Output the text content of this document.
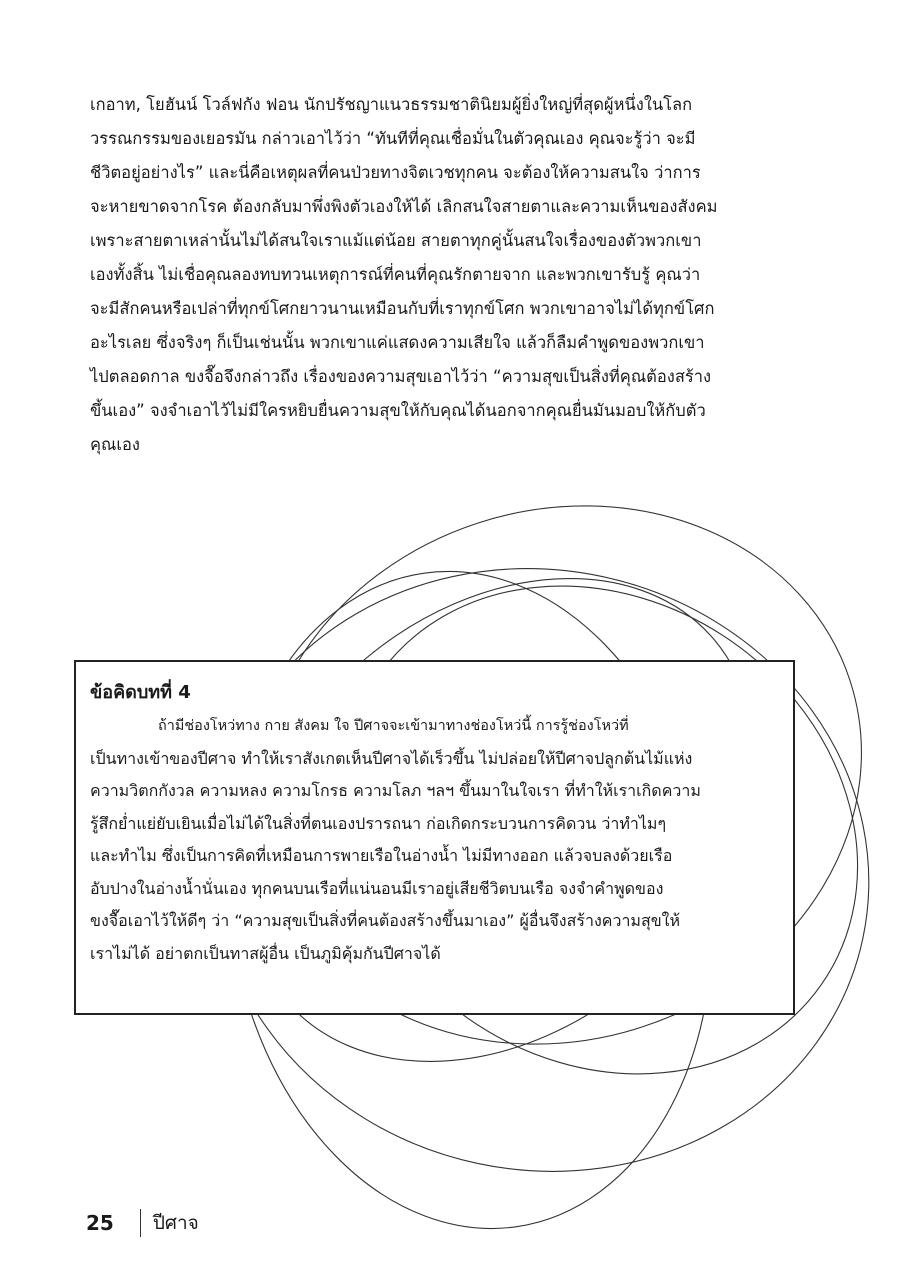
เกอาท, โยฮันน์ โวล์ฟกัง ฟอน นักปรัชญาแนวธรรมชาตินิยมผู้ยิ่งใหญ่ที่สุดผู้หนึ่งในโลก
วรรณกรรมของเยอรมัน กล่าวเอาไว้ว่า “ทันทีที่คุณเชื่อมั่นในตัวคุณเอง คุณจะรู้ว่า จะมี
ชีวิตอยู่อย่างไร” และนี่คือเหตุผลที่คนป่วยทางจิตเวชทุกคน จะต้องให้ความสนใจ ว่าการ
จะหายขาดจากโรค ต้องกลับมาพึ่งพิงตัวเองให้ได้ เลิกสนใจสายตาและความเห็นของสังคม
เพราะสายตาเหล่านั้นไม่ได้สนใจเราแม้แต่น้อย สายตาทุกคู่นั้นสนใจเรื่องของตัวพวกเขา
เองทั้งสิ้น ไม่เชื่อคุณลองทบทวนเหตุการณ์ที่คนที่คุณรักตายจาก และพวกเขารับรู้ คุณว่า
จะมีสักคนหรือเปล่าที่ทุกข์โศกยาวนานเหมือนกับที่เราทุกข์โศก พวกเขาอาจไม่ได้ทุกข์โศก
อะไรเลย ซึ่งจริงๆ ก็เป็นเช่นนั้น พวกเขาแค่แสดงความเสียใจ แล้วก็ลืมคำพูดของพวกเขา
ไปตลอดกาล ขงจื๊อจึงกล่าวถึง เรื่องของความสุขเอาไว้ว่า “ความสุขเป็นสิ่งที่คุณต้องสร้าง
ขึ้นเอง” จงจำเอาไว้ไม่มีใครหยิบยื่นความสุขให้กับคุณได้นอกจากคุณยื่นมันมอบให้กับตัว
คุณเอง
ข้อคิดบทที่ 4
ถ้ามีช่องโหว่ทาง กาย สังคม ใจ ปีศาจจะเข้ามาทางช่องโหว่นี้ การรู้ช่องโหว่ที่
เป็นทางเข้าของปีศาจ ทำให้เราสังเกตเห็นปีศาจได้เร็วขึ้น ไม่ปล่อยให้ปีศาจปลูกต้นไม้แห่ง
ความวิตกกังวล ความหลง ความโกรธ ความโลภ ฯลฯ ขึ้นมาในใจเรา ที่ทำให้เราเกิดความ
รู้สึกย่ำแย่ยับเยินเมื่อไม่ได้ในสิ่งที่ตนเองปรารถนา ก่อเกิดกระบวนการคิดวน ว่าทำไมๆ
และทำไม ซึ่งเป็นการคิดที่เหมือนการพายเรือในอ่างน้ำ ไม่มีทางออก แล้วจบลงด้วยเรือ
อับปางในอ่างน้ำนั่นเอง ทุกคนบนเรือที่แน่นอนมีเราอยู่เสียชีวิตบนเรือ จงจำคำพูดของ
ขงจื๊อเอาไว้ให้ดีๆ ว่า “ความสุขเป็นสิ่งที่คนต้องสร้างขึ้นมาเอง” ผู้อื่นจึงสร้างความสุขให้
เราไม่ได้ อย่าตกเป็นทาสผู้อื่น เป็นภูมิคุ้มกันปีศาจได้
25 ปีศาจ
